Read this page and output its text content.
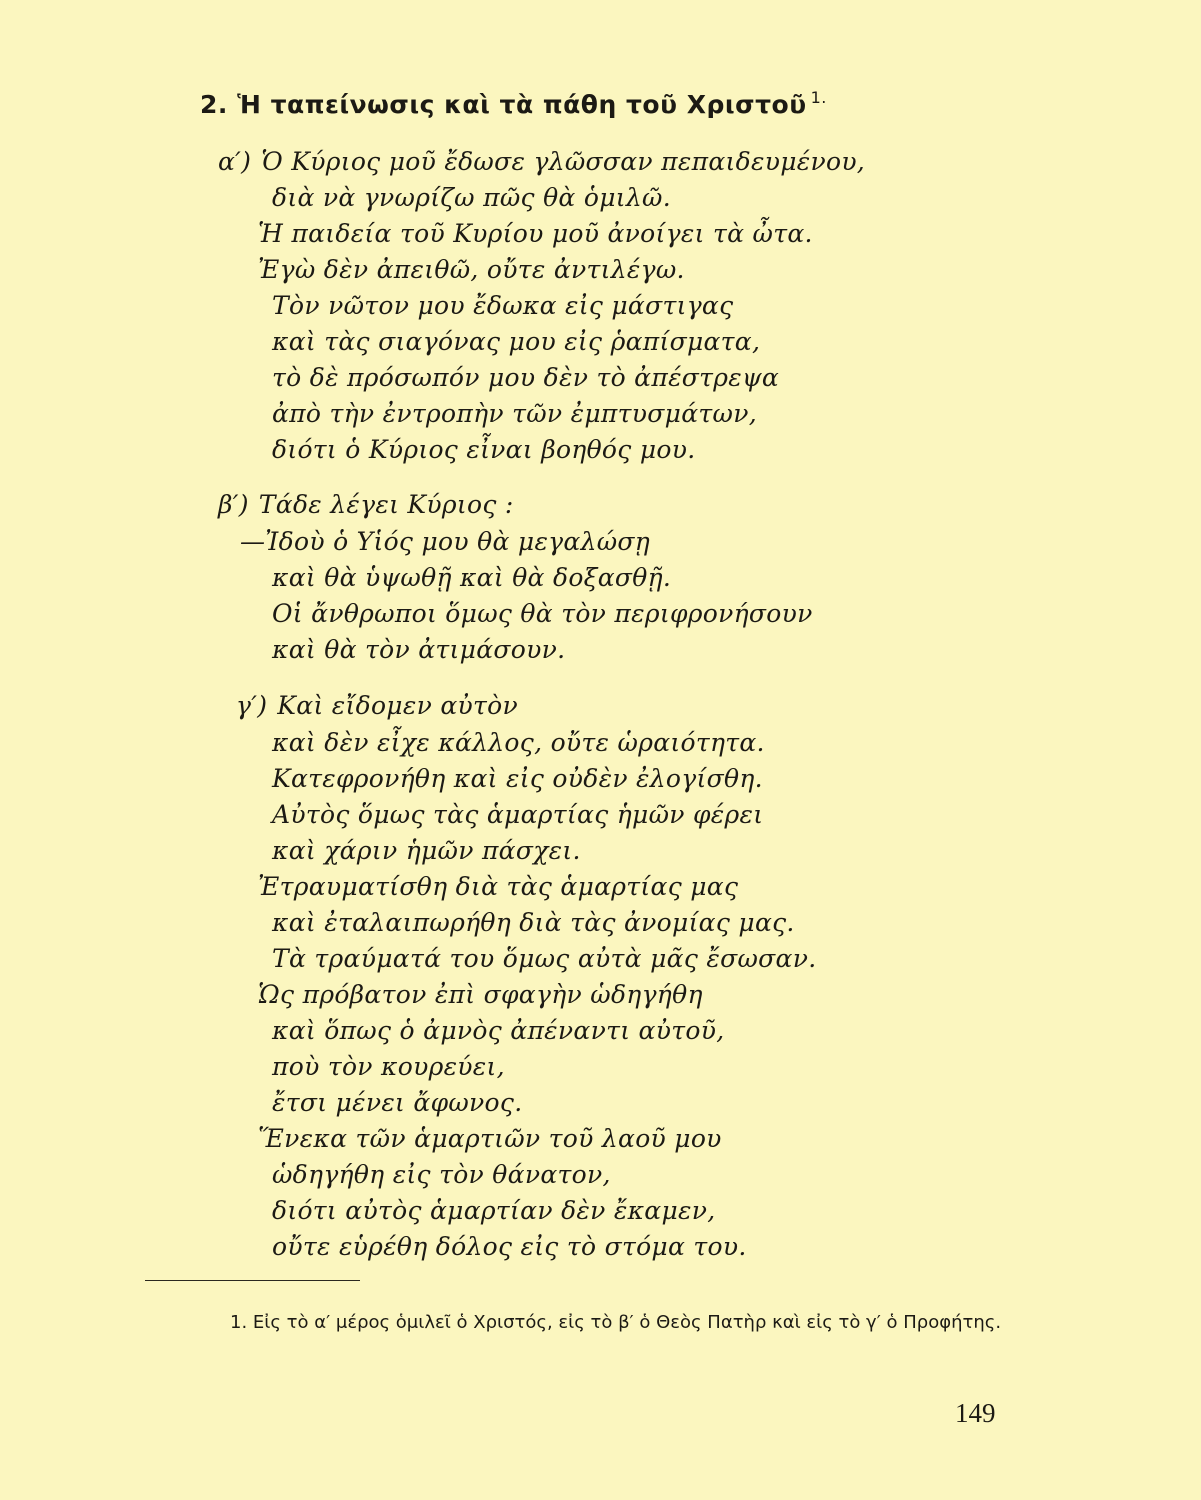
2. Ἡ ταπείνωσις καὶ τὰ πάθη τοῦ Χριστοῦ $^{1.}$
α′) Ὁ Κύριος μοῦ ἔδωσε γλῶσσαν πεπαιδευμένου,
διὰ νὰ γνωρίζω πῶς θὰ ὁμιλῶ.
Ἡ παιδεία τοῦ Κυρίου μοῦ ἀνοίγει τὰ ὦτα.
Ἐγὼ δὲν ἀπειθῶ, οὔτε ἀντιλέγω.
Τὸν νῶτον μου ἔδωκα εἰς μάστιγας
καὶ τὰς σιαγόνας μου εἰς ῥαπίσματα,
τὸ δὲ πρόσωπόν μου δὲν τὸ ἀπέστρεψα
ἀπὸ τὴν ἐντροπὴν τῶν ἐμπτυσμάτων,
διότι ὁ Κύριος εἶναι βοηθός μου.
β′) Τάδε λέγει Κύριος :
—Ἰδοὺ ὁ Υἱός μου θὰ μεγαλώσῃ
καὶ θὰ ὑψωθῇ καὶ θὰ δοξασθῇ.
Οἱ ἄνθρωποι ὅμως θὰ τὸν περιφρονήσουν
καὶ θὰ τὸν ἀτιμάσουν.
γ′) Καὶ εἴδομεν αὐτὸν
καὶ δὲν εἶχε κάλλος, οὔτε ὡραιότητα.
Κατεφρονήθη καὶ εἰς οὐδὲν ἐλογίσθη.
Αὐτὸς ὅμως τὰς ἁμαρτίας ἡμῶν φέρει
καὶ χάριν ἡμῶν πάσχει.
Ἐτραυματίσθη διὰ τὰς ἁμαρτίας μας
καὶ ἐταλαιπωρήθη διὰ τὰς ἀνομίας μας.
Τὰ τραύματά του ὅμως αὐτὰ μᾶς ἔσωσαν.
Ὡς πρόβατον ἐπὶ σφαγὴν ὡδηγήθη
καὶ ὅπως ὁ ἀμνὸς ἀπέναντι αὐτοῦ,
ποὺ τὸν κουρεύει,
ἔτσι μένει ἄφωνος.
Ἕνεκα τῶν ἁμαρτιῶν τοῦ λαοῦ μου
ὡδηγήθη εἰς τὸν θάνατον,
διότι αὐτὸς ἁμαρτίαν δὲν ἔκαμεν,
οὔτε εὑρέθη δόλος εἰς τὸ στόμα του.
1. Εἰς τὸ α′ μέρος ὁμιλεῖ ὁ Χριστός, εἰς τὸ β′ ὁ Θεὸς Πατὴρ καὶ εἰς τὸ γ′ ὁ Προφήτης.
149
